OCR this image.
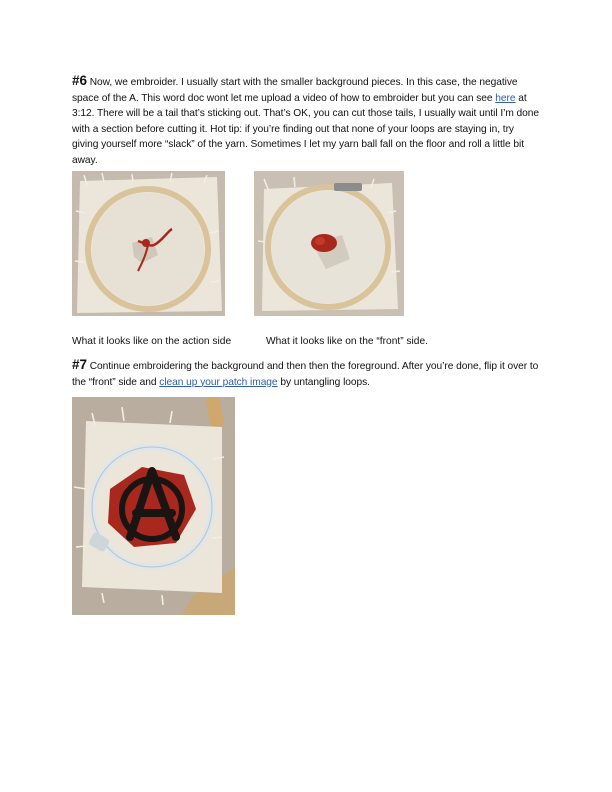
#6 Now, we embroider. I usually start with the smaller background pieces. In this case, the negative space of the A. This word doc wont let me upload a video of how to embroider but you can see here at 3:12. There will be a tail that’s sticking out. That’s OK, you can cut those tails, I usually wait until I’m done with a section before cutting it. Hot tip: if you’re finding out that none of your loops are staying in, try giving yourself more “slack” of the yarn. Sometimes I let my yarn ball fall on the floor and roll a little bit away.
What it looks like on the action side	What it looks like on the “front” side.
#7 Continue embroidering the background and then then the foreground. After you’re done, flip it over to the “front” side and clean up your patch image by untangling loops.
